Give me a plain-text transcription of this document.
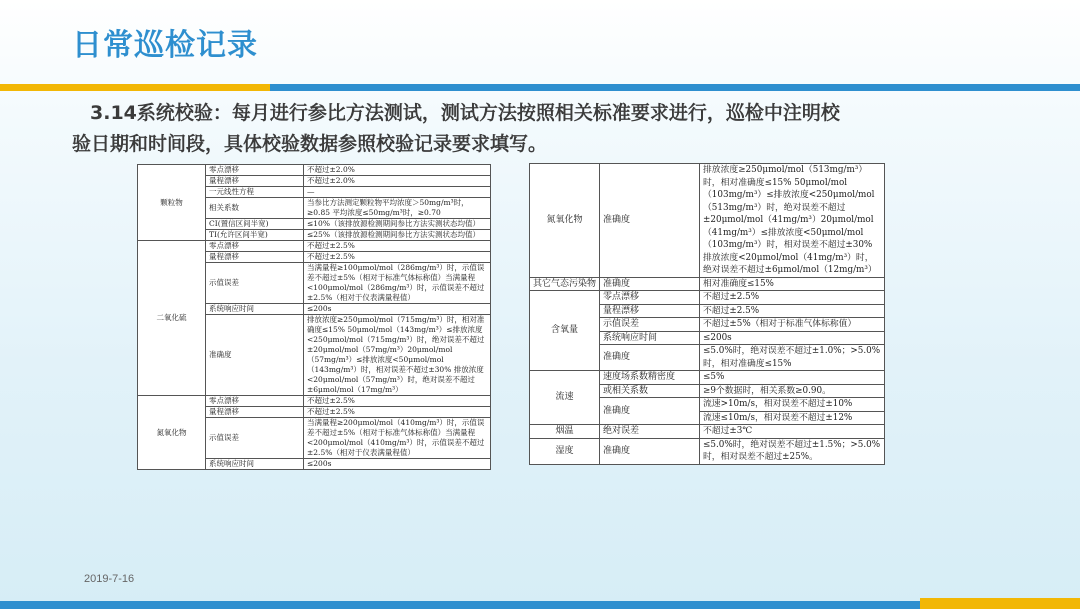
日常巡检记录

3.14系统校验：每月进行参比方法测试，测试方法按照相关标准要求进行，巡检中注明校
验日期和时间段，具体校验数据参照校验记录要求填写。

颗粒物	零点漂移	不超过±2.0%
	量程漂移	不超过±2.0%
	一元线性方程	—
	相关系数	当参比方法测定颗粒物平均浓度＞50mg/m³时，≥0.85 平均浓度≤50mg/m³时，≥0.70
	CI(置信区间半宽)	≤10%（该排放源检测期间参比方法实测状态均值）
	TI(允许区间半宽)	≤25%（该排放源检测期间参比方法实测状态均值）
二氧化硫	零点漂移	不超过±2.5%
	量程漂移	不超过±2.5%
	示值误差	当满量程≥100μmol/mol（286mg/m³）时，示值误差不超过±5%（相对于标准气体标称值）当满量程<100μmol/mol（286mg/m³）时，示值误差不超过±2.5%（相对于仪表满量程值）
	系统响应时间	≤200s
	准确度	排放浓度≥250μmol/mol（715mg/m³）时，相对准确度≤15% 50μmol/mol（143mg/m³）≤排放浓度<250μmol/mol（715mg/m³）时，绝对误差不超过±20μmol/mol（57mg/m³）20μmol/mol（57mg/m³）≤排放浓度<50μmol/mol（143mg/m³）时，相对误差不超过±30% 排放浓度<20μmol/mol（57mg/m³）时，绝对误差不超过±6μmol/mol（17mg/m³）
氮氧化物	零点漂移	不超过±2.5%
	量程漂移	不超过±2.5%
	示值误差	当满量程≥200μmol/mol（410mg/m³）时，示值误差不超过±5%（相对于标准气体标称值）当满量程<200μmol/mol（410mg/m³）时，示值误差不超过±2.5%（相对于仪表满量程值）
	系统响应时间	≤200s
氮氧化物	准确度	排放浓度≥250μmol/mol（513mg/m³）时，相对准确度≤15% 50μmol/mol（103mg/m³）≤排放浓度<250μmol/mol（513mg/m³）时，绝对误差不超过±20μmol/mol（41mg/m³）20μmol/mol（41mg/m³）≤排放浓度<50μmol/mol（103mg/m³）时，相对误差不超过±30% 排放浓度<20μmol/mol（41mg/m³）时，绝对误差不超过±6μmol/mol（12mg/m³）
其它气态污染物	准确度	相对准确度≤15%
含氧量	零点漂移	不超过±2.5%
	量程漂移	不超过±2.5%
	示值误差	不超过±5%（相对于标准气体标称值）
	系统响应时间	≤200s
	准确度	≤5.0%时，绝对误差不超过±1.0%；>5.0%时，相对准确度≤15%
流速	速度场系数精密度	≤5%
	或相关系数	≥9个数据时，相关系数≥0.90。
	准确度	流速>10m/s，相对误差不超过±10%
		流速≤10m/s，相对误差不超过±12%
烟温	绝对误差	不超过±3℃
湿度	准确度	≤5.0%时，绝对误差不超过±1.5%；>5.0%时，相对误差不超过±25%。
2019-7-16
